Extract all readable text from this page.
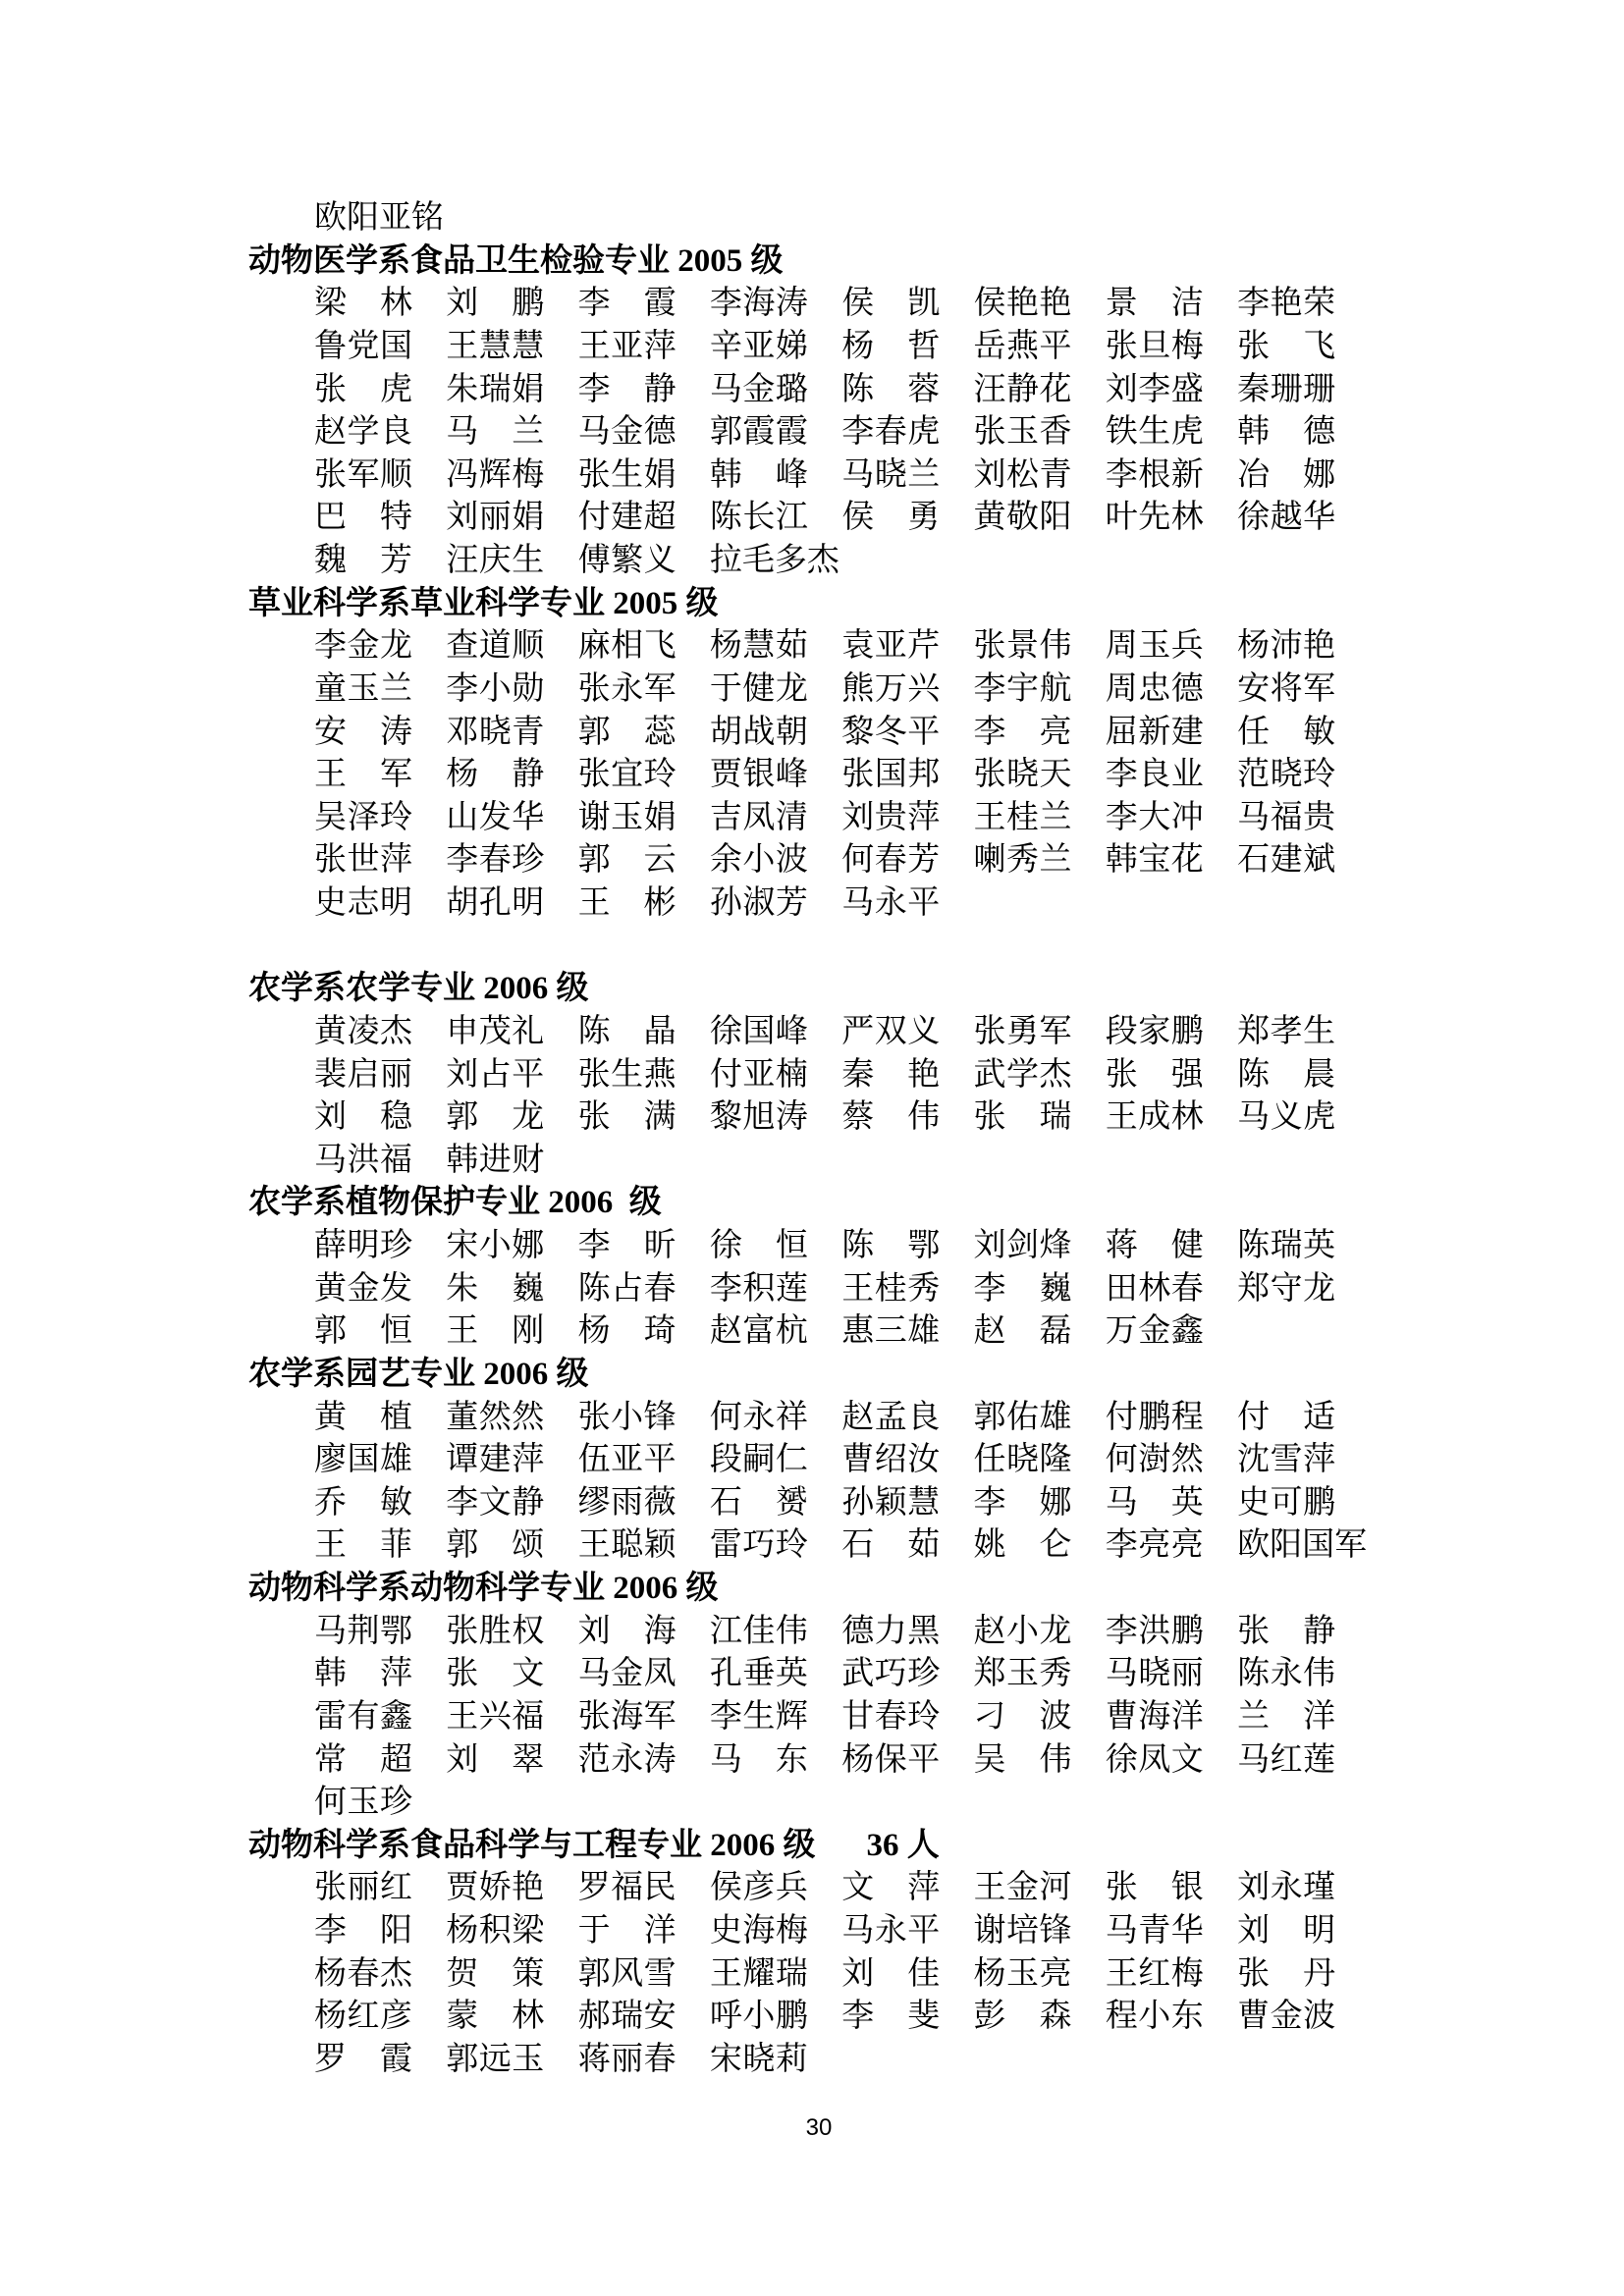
欧阳亚铭
动物医学系食品卫生检验专业 2005 级
梁 林 刘 鹏 李 霞 李海涛 侯 凯 侯艳艳 景 洁 李艳荣
鲁党国 王慧慧 王亚萍 辛亚娣 杨 哲 岳燕平 张旦梅 张 飞
张 虎 朱瑞娟 李 静 马金璐 陈 蓉 汪静花 刘李盛 秦珊珊
赵学良 马 兰 马金德 郭霞霞 李春虎 张玉香 铁生虎 韩 德
张军顺 冯辉梅 张生娟 韩 峰 马晓兰 刘松青 李根新 冶 娜
巴 特 刘丽娟 付建超 陈长江 侯 勇 黄敬阳 叶先林 徐越华
魏 芳 汪庆生 傅繁义 拉毛多杰
草业科学系草业科学专业 2005 级
李金龙 查道顺 麻相飞 杨慧茹 袁亚芹 张景伟 周玉兵 杨沛艳
童玉兰 李小勋 张永军 于健龙 熊万兴 李宇航 周忠德 安将军
安 涛 邓晓青 郭 蕊 胡战朝 黎冬平 李 亮 屈新建 任 敏
王 军 杨 静 张宜玲 贾银峰 张国邦 张晓天 李良业 范晓玲
吴泽玲 山发华 谢玉娟 吉凤清 刘贵萍 王桂兰 李大冲 马福贵
张世萍 李春珍 郭 云 余小波 何春芳 喇秀兰 韩宝花 石建斌
史志明 胡孔明 王 彬 孙淑芳 马永平
农学系农学专业 2006 级
黄凌杰 申茂礼 陈 晶 徐国峰 严双义 张勇军 段家鹏 郑孝生
裴启丽 刘占平 张生燕 付亚楠 秦 艳 武学杰 张 强 陈 晨
刘 稳 郭 龙 张 满 黎旭涛 蔡 伟 张 瑞 王成林 马义虎
马洪福 韩进财
农学系植物保护专业 2006  级
薛明珍 宋小娜 李 昕 徐 恒 陈 鄂 刘剑烽 蒋 健 陈瑞英
黄金发 朱 巍 陈占春 李积莲 王桂秀 李 巍 田林春 郑守龙
郭 恒 王 刚 杨 琦 赵富杭 惠三雄 赵 磊 万金鑫
农学系园艺专业 2006 级
黄 植 董然然 张小锋 何永祥 赵孟良 郭佑雄 付鹏程 付 适
廖国雄 谭建萍 伍亚平 段嗣仁 曹绍汝 任晓隆 何澍然 沈雪萍
乔 敏 李文静 缪雨薇 石 赟 孙颖慧 李 娜 马 英 史可鹏
王 菲 郭 颂 王聪颖 雷巧玲 石 茹 姚 仑 李亮亮 欧阳国军
动物科学系动物科学专业 2006 级
马荆鄂 张胜权 刘 海 江佳伟 德力黑 赵小龙 李洪鹏 张 静
韩 萍 张 文 马金凤 孔垂英 武巧珍 郑玉秀 马晓丽 陈永伟
雷有鑫 王兴福 张海军 李生辉 甘春玲 刁 波 曹海洋 兰 洋
常 超 刘 翠 范永涛 马 东 杨保平 吴 伟 徐凤文 马红莲
何玉珍
动物科学系食品科学与工程专业 2006 级 36 人
张丽红 贾娇艳 罗福民 侯彦兵 文 萍 王金河 张 银 刘永瑾
李 阳 杨积梁 于 洋 史海梅 马永平 谢培锋 马青华 刘 明
杨春杰 贺 策 郭风雪 王耀瑞 刘 佳 杨玉亮 王红梅 张 丹
杨红彦 蒙 林 郝瑞安 呼小鹏 李 斐 彭 森 程小东 曹金波
罗 霞 郭远玉 蒋丽春 宋晓莉
30
